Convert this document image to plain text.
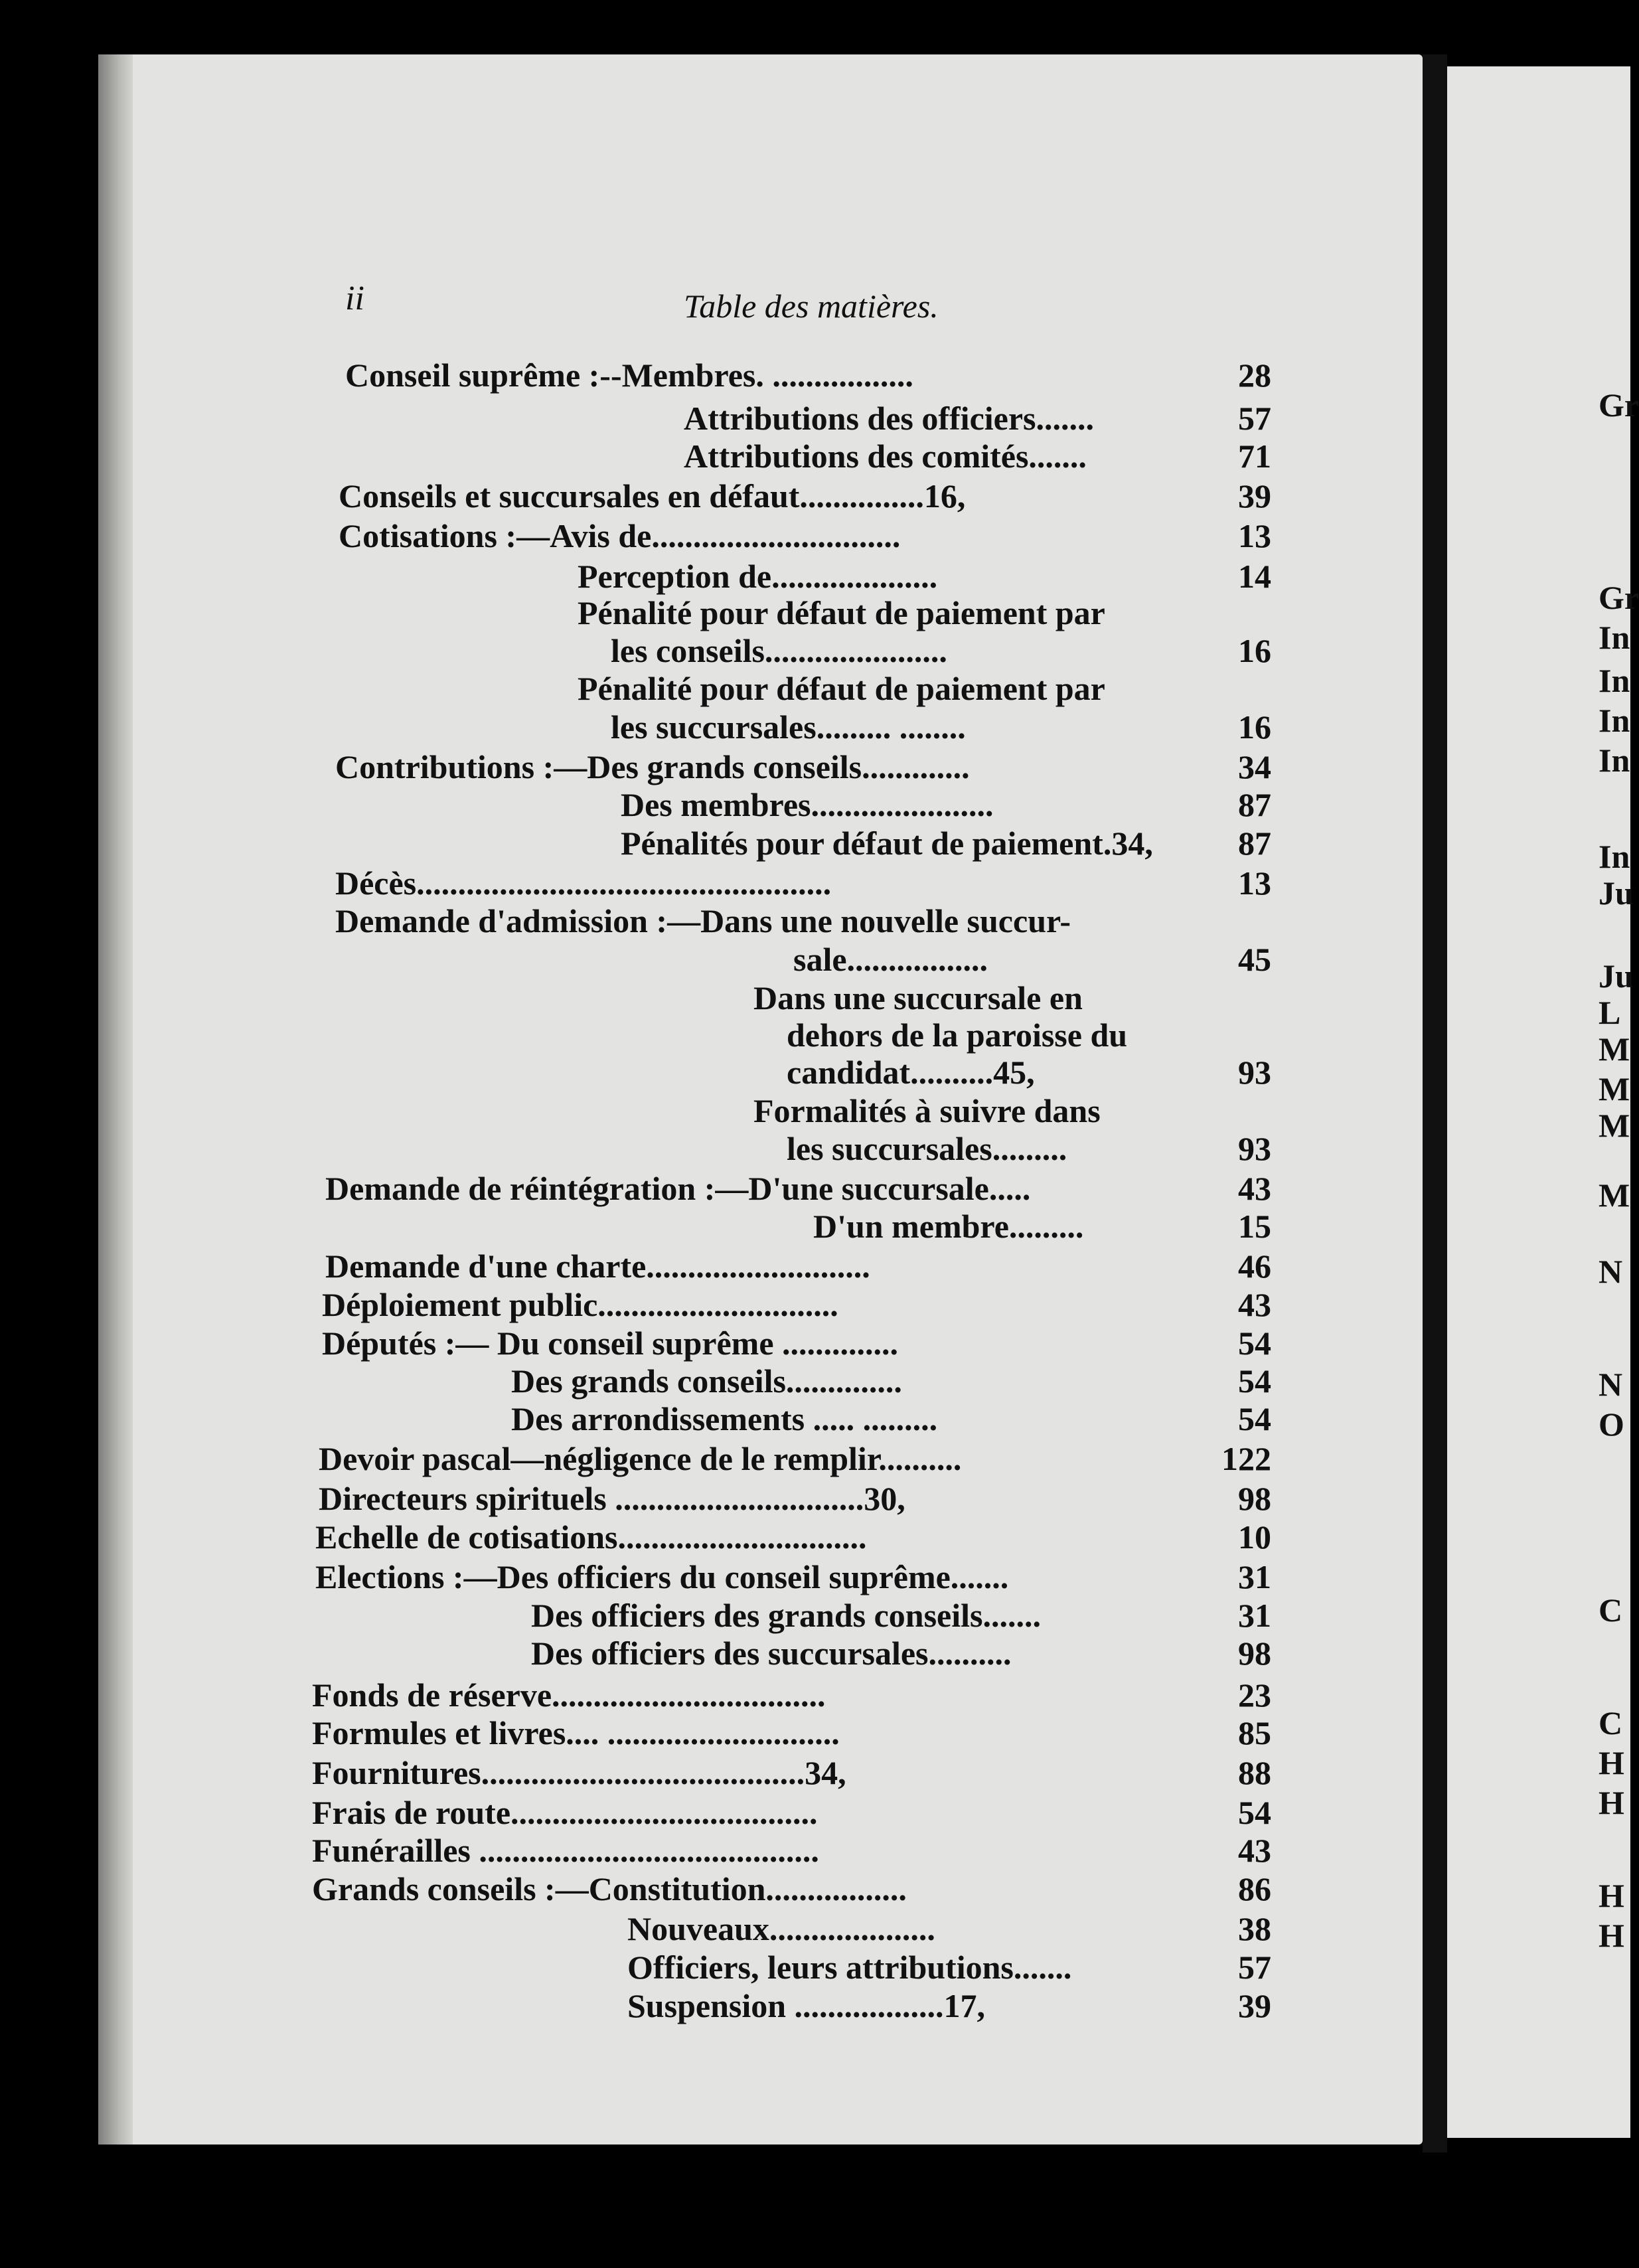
ii	Table des matières.
Conseil suprême :--Membres. .................	28
Attributions des officiers.......	57
Attributions des comités.......	71
Conseils et succursales en défaut...............16,	39
Cotisations :—Avis de..............................	13
Perception de....................	14
Pénalité pour défaut de paiement par
les conseils......................	16
Pénalité pour défaut de paiement par
les succursales......... ........	16
Contributions :—Des grands conseils.............	34
Des membres......................	87
Pénalités pour défaut de paiement.34,	87
Décès..................................................	13
Demande d'admission :—Dans une nouvelle succur-
sale.................	45
Dans une succursale en
dehors de la paroisse du
candidat..........45,	93
Formalités à suivre dans
les succursales.........	93
Demande de réintégration :—D'une succursale.....	43
D'un membre.........	15
Demande d'une charte...........................	46
Déploiement public.............................	43
Députés :— Du conseil suprême ..............	54
Des grands conseils..............	54
Des arrondissements ..... .........	54
Devoir pascal—négligence de le remplir..........	122
Directeurs spirituels ..............................30,	98
Echelle de cotisations..............................	10
Elections :—Des officiers du conseil suprême.......	31
Des officiers des grands conseils.......	31
Des officiers des succursales..........	98
Fonds de réserve.................................	23
Formules et livres.... ............................	85
Fournitures.......................................34,	88
Frais de route.....................................	54
Funérailles .........................................	43
Grands conseils :—Constitution.................	86
Nouveaux....................	38
Officiers, leurs attributions.......	57
Suspension ..................17,	39
Gr
Gr
In
In
In
In
In
Ju
Ju
L
M
M
M
M
N
N
O
C
C
H
H
H
H
